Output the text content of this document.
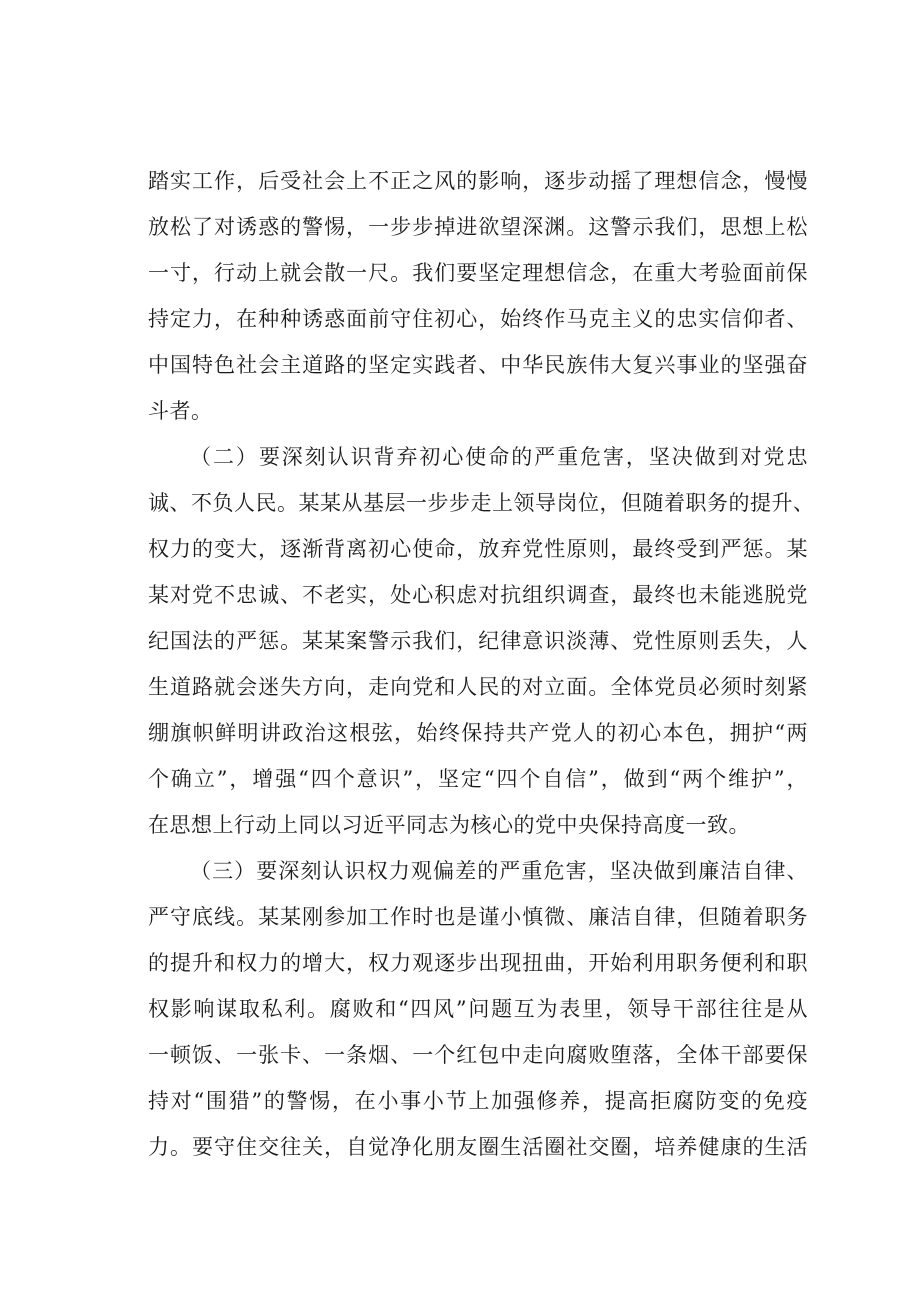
踏实工作，后受社会上不正之风的影响，逐步动摇了理想信念，慢慢
放松了对诱惑的警惕，一步步掉进欲望深渊。这警示我们，思想上松
一寸，行动上就会散一尺。我们要坚定理想信念，在重大考验面前保
持定力，在种种诱惑面前守住初心，始终作马克主义的忠实信仰者、
中国特色社会主道路的坚定实践者、中华民族伟大复兴事业的坚强奋
斗者。
（二）要深刻认识背弃初心使命的严重危害，坚决做到对党忠
诚、不负人民。某某从基层一步步走上领导岗位，但随着职务的提升、
权力的变大，逐渐背离初心使命，放弃党性原则，最终受到严惩。某
某对党不忠诚、不老实，处心积虑对抗组织调查，最终也未能逃脱党
纪国法的严惩。某某案警示我们，纪律意识淡薄、党性原则丢失，人
生道路就会迷失方向，走向党和人民的对立面。全体党员必须时刻紧
绷旗帜鲜明讲政治这根弦，始终保持共产党人的初心本色，拥护“两
个确立”，增强“四个意识”，坚定“四个自信”，做到“两个维护”，
在思想上行动上同以习近平同志为核心的党中央保持高度一致。
（三）要深刻认识权力观偏差的严重危害，坚决做到廉洁自律、
严守底线。某某刚参加工作时也是谨小慎微、廉洁自律，但随着职务
的提升和权力的增大，权力观逐步出现扭曲，开始利用职务便利和职
权影响谋取私利。腐败和“四风”问题互为表里，领导干部往往是从
一顿饭、一张卡、一条烟、一个红包中走向腐败堕落，全体干部要保
持对“围猎”的警惕，在小事小节上加强修养，提高拒腐防变的免疫
力。要守住交往关，自觉净化朋友圈生活圈社交圈，培养健康的生活
